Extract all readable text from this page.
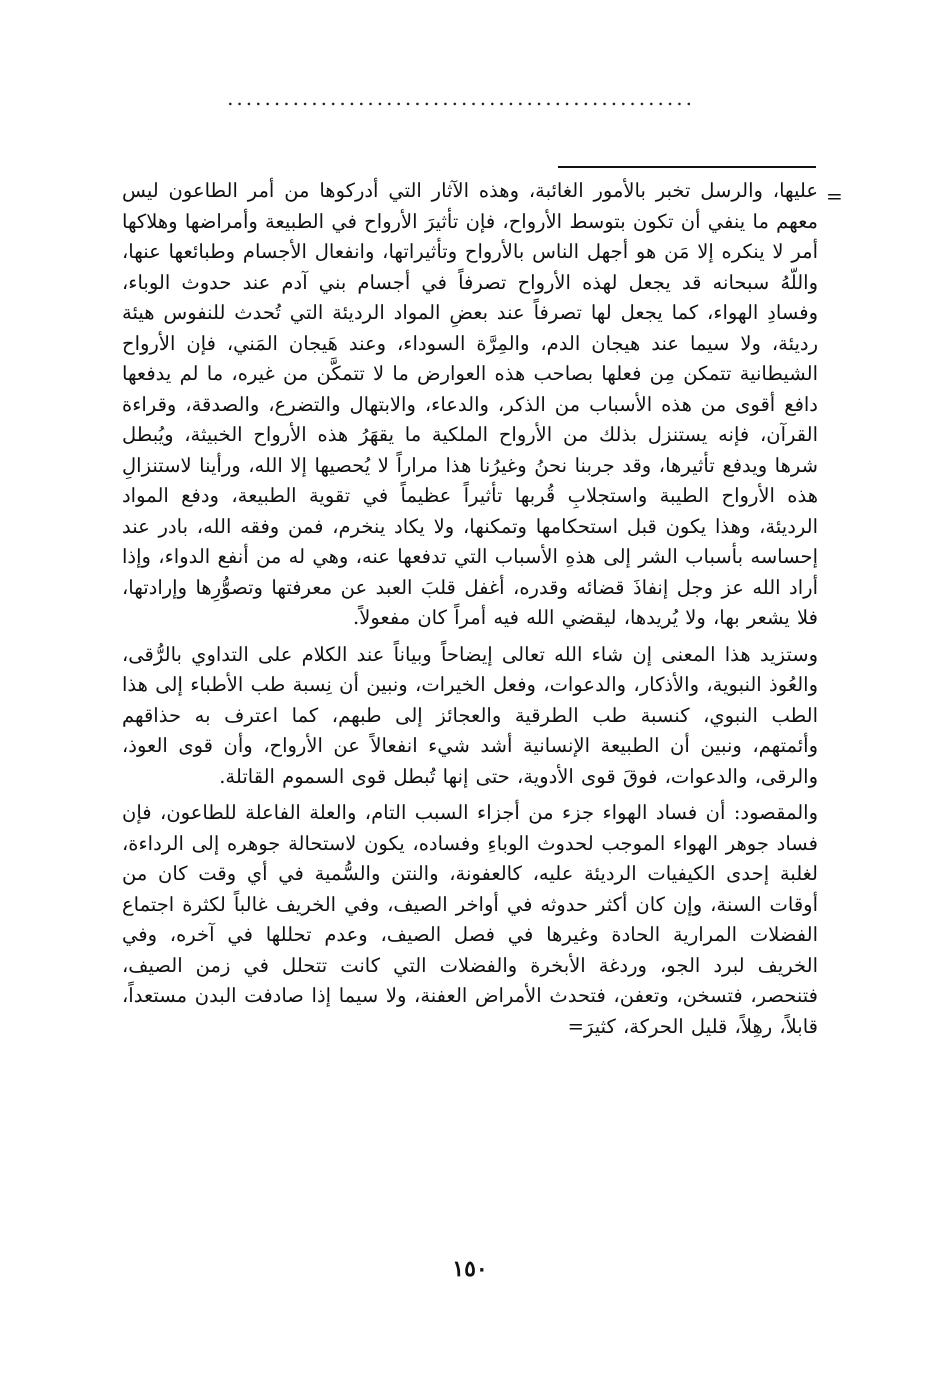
..................................................
=

عليها، والرسل تخبر بالأمور الغائبة، وهذه الآثار التي أدركوها من أمر الطاعون ليس معهم ما ينفي أن تكون بتوسط الأرواح، فإن تأثيرَ الأرواح في الطبيعة وأمراضها وهلاكها أمر لا ينكره إلا مَن هو أجهل الناس بالأرواح وتأثيراتها، وانفعال الأجسام وطبائعها عنها، واللّهُ سبحانه قد يجعل لهذه الأرواح تصرفاً في أجسام بني آدم عند حدوث الوباء، وفسادِ الهواء، كما يجعل لها تصرفاً عند بعضِ المواد الرديئة التي تُحدث للنفوس هيئة رديئة، ولا سيما عند هيجان الدم، والمِرَّة السوداء، وعند هَيجان المَني، فإن الأرواح الشيطانية تتمكن مِن فعلها بصاحب هذه العوارض ما لا تتمكَّن من غيره، ما لم يدفعها دافع أقوى من هذه الأسباب من الذكر، والدعاء، والابتهال والتضرع، والصدقة، وقراءة القرآن، فإنه يستنزل بذلك من الأرواح الملكية ما يقهَرُ هذه الأرواح الخبيثة، ويُبطل شرها ويدفع تأثيرها، وقد جربنا نحنُ وغيرُنا هذا مراراً لا يُحصيها إلا الله، ورأينا لاستنزالِ هذه الأرواح الطيبة واستجلابِ قُربها تأثيراً عظيماً في تقوية الطبيعة، ودفع المواد الرديئة، وهذا يكون قبل استحكامها وتمكنها، ولا يكاد ينخرم، فمن وفقه الله، بادر عند إحساسه بأسباب الشر إلى هذهِ الأسباب التي تدفعها عنه، وهي له من أنفع الدواء، وإذا أراد الله عز وجل إنفاذَ قضائه وقدره، أغفل قلبَ العبد عن معرفتها وتصوُّرِها وإرادتها، فلا يشعر بها، ولا يُريدها، ليقضي الله فيه أمراً كان مفعولاً.

وستزيد هذا المعنى إن شاء الله تعالى إيضاحاً وبياناً عند الكلام على التداوي بالرُّقى، والعُوذ النبوية، والأذكار، والدعوات، وفعل الخيرات، ونبين أن نِسبة طب الأطباء إلى هذا الطب النبوي، كنسبة طب الطرقية والعجائز إلى طبهم، كما اعترف به حذاقهم وأئمتهم، ونبين أن الطبيعة الإنسانية أشد شيء انفعالاً عن الأرواح، وأن قوى العوذ، والرقى، والدعوات، فوقَ قوى الأدوية، حتى إنها تُبطل قوى السموم القاتلة.

والمقصود: أن فساد الهواء جزء من أجزاء السبب التام، والعلة الفاعلة للطاعون، فإن فساد جوهر الهواء الموجب لحدوث الوباءِ وفساده، يكون لاستحالة جوهره إلى الرداءة، لغلبة إحدى الكيفيات الرديئة عليه، كالعفونة، والنتن والسُّمية في أي وقت كان من أوقات السنة، وإن كان أكثر حدوثه في أواخر الصيف، وفي الخريف غالباً لكثرة اجتماع الفضلات المرارية الحادة وغيرها في فصل الصيف، وعدم تحللها في آخره، وفي الخريف لبرد الجو، وردغة الأبخرة والفضلات التي كانت تتحلل في زمن الصيف، فتنحصر، فتسخن، وتعفن، فتحدث الأمراض العفنة، ولا سيما إذا صادفت البدن مستعداً، قابلاً، رهِلاً، قليل الحركة، كثيرَ=

١٥٠
